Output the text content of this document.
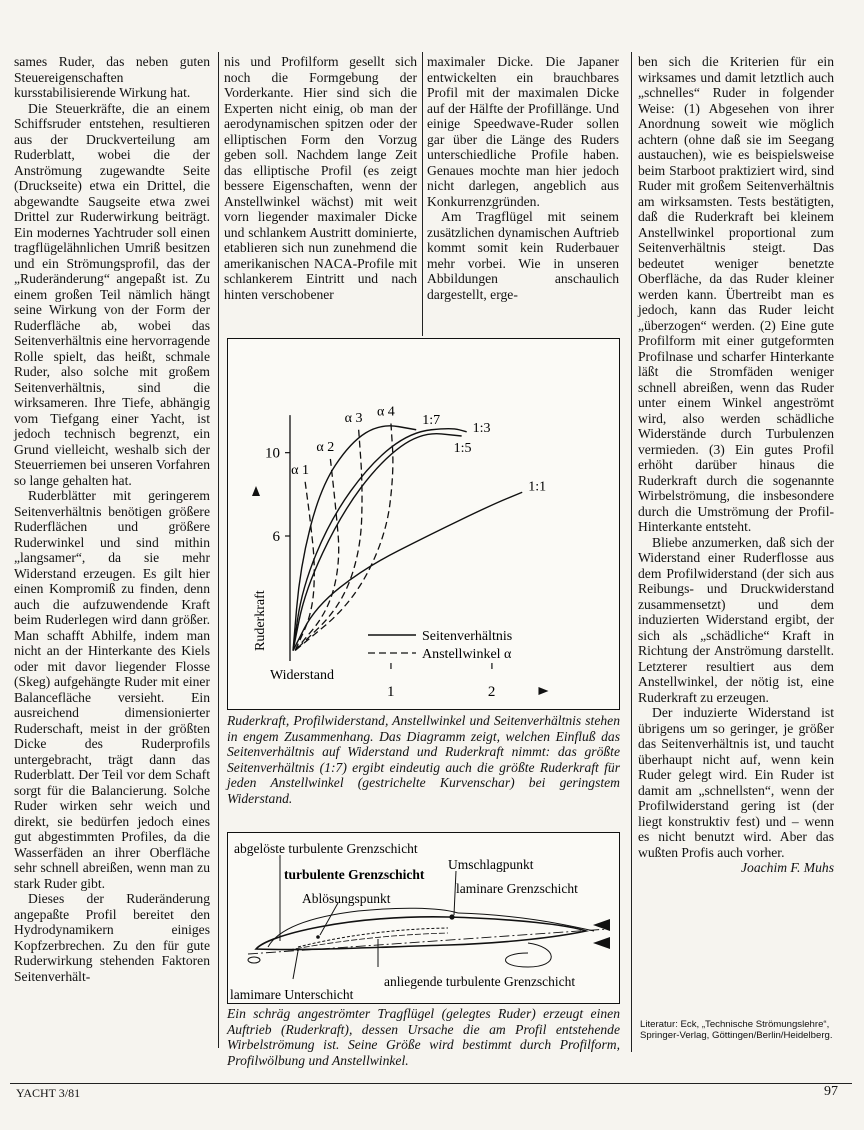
sames Ruder, das neben guten Steuereigenschaften kursstabilisierende Wirkung hat.

Die Steuerkräfte, die an einem Schiffsruder entstehen, resultieren aus der Druckverteilung am Ruderblatt, wobei die der Anströmung zugewandte Seite (Druckseite) etwa ein Drittel, die abgewandte Saugseite etwa zwei Drittel zur Ruderwirkung beiträgt. Ein modernes Yachtruder soll einen tragflügelähnlichen Umriß besitzen und ein Strömungsprofil, das der „Ruderänderung“ angepaßt ist. Zu einem großen Teil nämlich hängt seine Wirkung von der Form der Ruderfläche ab, wobei das Seitenverhältnis eine hervorragende Rolle spielt, das heißt, schmale Ruder, also solche mit großem Seitenverhältnis, sind die wirksameren. Ihre Tiefe, abhängig vom Tiefgang einer Yacht, ist jedoch technisch begrenzt, ein Grund vielleicht, weshalb sich der Steuerriemen bei unseren Vorfahren so lange gehalten hat.

Ruderblätter mit geringerem Seitenverhältnis benötigen größere Ruderflächen und größere Ruderwinkel und sind mithin „langsamer“, da sie mehr Widerstand erzeugen. Es gilt hier einen Kompromiß zu finden, denn auch die aufzuwendende Kraft beim Ruderlegen wird dann größer. Man schafft Abhilfe, indem man nicht an der Hinterkante des Kiels oder mit davor liegender Flosse (Skeg) aufgehängte Ruder mit einer Balancefläche versieht. Ein ausreichend dimensionierter Ruderschaft, meist in der größten Dicke des Ruderprofils untergebracht, trägt dann das Ruderblatt. Der Teil vor dem Schaft sorgt für die Balancierung. Solche Ruder wirken sehr weich und direkt, sie bedürfen jedoch eines gut abgestimmten Profiles, da die Wasserfäden an ihrer Oberfläche sehr schnell abreißen, wenn man zu stark Ruder gibt.

Dieses der Ruderänderung angepaßte Profil bereitet den Hydrodynamikern einiges Kopfzerbrechen. Zu den für gute Ruderwirkung stehenden Faktoren Seitenverhält-

nis und Profilform gesellt sich noch die Formgebung der Vorderkante. Hier sind sich die Experten nicht einig, ob man der aerodynamischen spitzen oder der elliptischen Form den Vorzug geben soll. Nachdem lange Zeit das elliptische Profil (es zeigt bessere Eigenschaften, wenn der Anstellwinkel wächst) mit weit vorn liegender maximaler Dicke und schlankem Austritt dominierte, etablieren sich nun zunehmend die amerikanischen NACA-Profile mit schlankerem Eintritt und nach hinten verschobener

maximaler Dicke. Die Japaner entwickelten ein brauchbares Profil mit der maximalen Dicke auf der Hälfte der Profillänge. Und einige Speedwave-Ruder sollen gar über die Länge des Ruders unterschiedliche Profile haben. Genaues mochte man hier jedoch nicht darlegen, angeblich aus Konkurrenzgründen.

Am Tragflügel mit seinem zusätzlichen dynamischen Auftrieb kommt somit kein Ruderbauer mehr vorbei. Wie in unseren Abbildungen anschaulich dargestellt, erge-

ben sich die Kriterien für ein wirksames und damit letztlich auch „schnelles“ Ruder in folgender Weise: (1) Abgesehen von ihrer Anordnung soweit wie möglich achtern (ohne daß sie im Seegang austauchen), wie es beispielsweise beim Starboot praktiziert wird, sind Ruder mit großem Seitenverhältnis am wirksamsten. Tests bestätigten, daß die Ruderkraft bei kleinem Anstellwinkel proportional zum Seitenverhältnis steigt. Das bedeutet weniger benetzte Oberfläche, da das Ruder kleiner werden kann. Übertreibt man es jedoch, kann das Ruder leicht „überzogen“ werden. (2) Eine gute Profilform mit einer gutgeformten Profilnase und scharfer Hinterkante läßt die Stromfäden weniger schnell abreißen, wenn das Ruder unter einem Winkel angeströmt wird, also werden schädliche Widerstände durch Turbulenzen vermieden. (3) Ein gutes Profil erhöht darüber hinaus die Ruderkraft durch die sogenannte Wirbelströmung, die insbesondere durch die Umströmung der Profil-Hinterkante entsteht.

Bliebe anzumerken, daß sich der Widerstand einer Ruderflosse aus dem Profilwiderstand (der sich aus Reibungs- und Druckwiderstand zusammensetzt) und dem induzierten Widerstand ergibt, der sich als „schädliche“ Kraft in Richtung der Anströmung darstellt. Letzterer resultiert aus dem Anstellwinkel, der nötig ist, eine Ruderkraft zu erzeugen.

Der induzierte Widerstand ist übrigens um so geringer, je größer das Seitenverhältnis ist, und taucht überhaupt nicht auf, wenn kein Ruder gelegt wird. Ein Ruder ist damit am „schnellsten“, wenn der Profilwiderstand gering ist (der liegt konstruktiv fest) und – wenn es nicht benutzt wird. Aber das wußten Profis auch vorher.

Joachim F. Muhs

6
10
1	2
Widerstand
Ruderkraft
1:7
1:3
1:5
1:1
α 1
α 2
α 3 α 4
Seitenverhältnis
Anstellwinkel α
Ruderkraft, Profilwiderstand, Anstellwinkel und Seitenverhältnis stehen in engem Zusammenhang. Das Diagramm zeigt, welchen Einfluß das Seitenverhältnis auf Widerstand und Ruderkraft nimmt: das größte Seitenverhältnis (1:7) ergibt eindeutig auch die größte Ruderkraft für jeden Anstellwinkel (gestrichelte Kurvenschar) bei geringstem Widerstand.
abgelöste turbulente Grenzschicht
turbulente Grenzschicht
Umschlagpunkt
laminare Grenzschicht
Ablösungspunkt
anliegende turbulente Grenzschicht
lamimare Unterschicht
Ein schräg angeströmter Tragflügel (gelegtes Ruder) erzeugt einen Auftrieb (Ruderkraft), dessen Ursache die am Profil entstehende Wirbelströmung ist. Seine Größe wird bestimmt durch Profilform, Profilwölbung und Anstellwinkel.
Literatur: Eck, „Technische Strömungslehre“, Springer-Verlag, Göttingen/Berlin/Heidelberg.
YACHT 3/81	97
